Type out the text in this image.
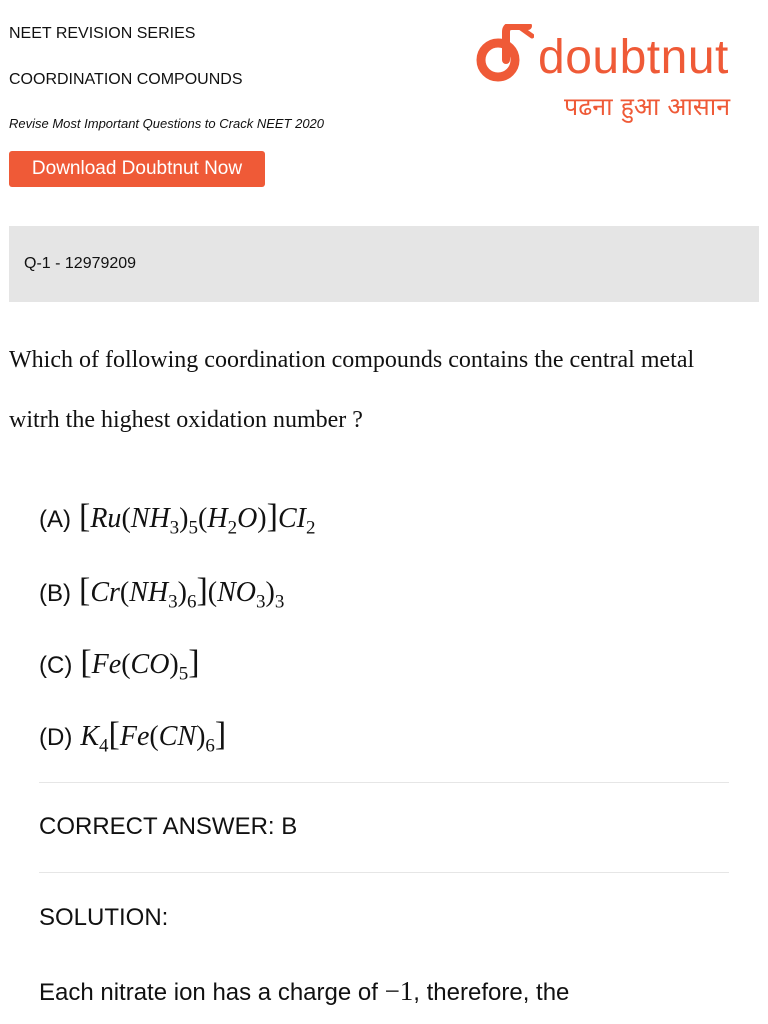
NEET REVISION SERIES
COORDINATION COMPOUNDS
Revise Most Important Questions to Crack NEET 2020
Download Doubtnut Now
doubtnut
पढना हुआ आसान
Q-1 - 12979209

Which of following coordination compounds contains the central metal witrh the highest oxidation number ?

(A) $[Ru(NH_3)_5(H_2O)]CI_2$
(B) $[Cr(NH_3)_6](NO_3)_3$
(C) $[Fe(CO)_5]$
(D) $K_4[Fe(CN)_6]$
CORRECT ANSWER: B
SOLUTION:
Each nitrate ion has a charge of −1, therefore, the
